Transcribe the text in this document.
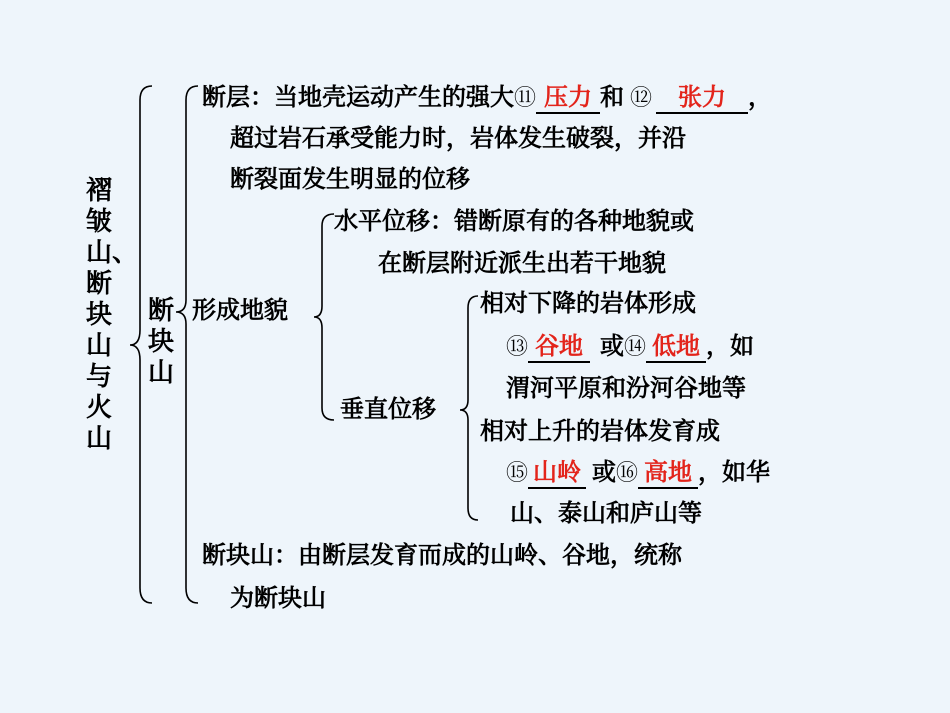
褶
皱
山、
断
块
山
与
火
山
断
块
山
断层：当地壳运动产生的强大⑪ 压力 和 ⑫ 张力 ，
超过岩石承受能力时，岩体发生破裂，并沿
断裂面发生明显的位移
形成地貌
水平位移：错断原有的各种地貌或
在断层附近派生出若干地貌
垂直位移
相对下降的岩体形成
⑬ 谷地 或⑭ 低地 ，如
渭河平原和汾河谷地等
相对上升的岩体发育成
⑮ 山岭 或⑯ 高地 ，如华
山、泰山和庐山等
断块山：由断层发育而成的山岭、谷地，统称
为断块山
